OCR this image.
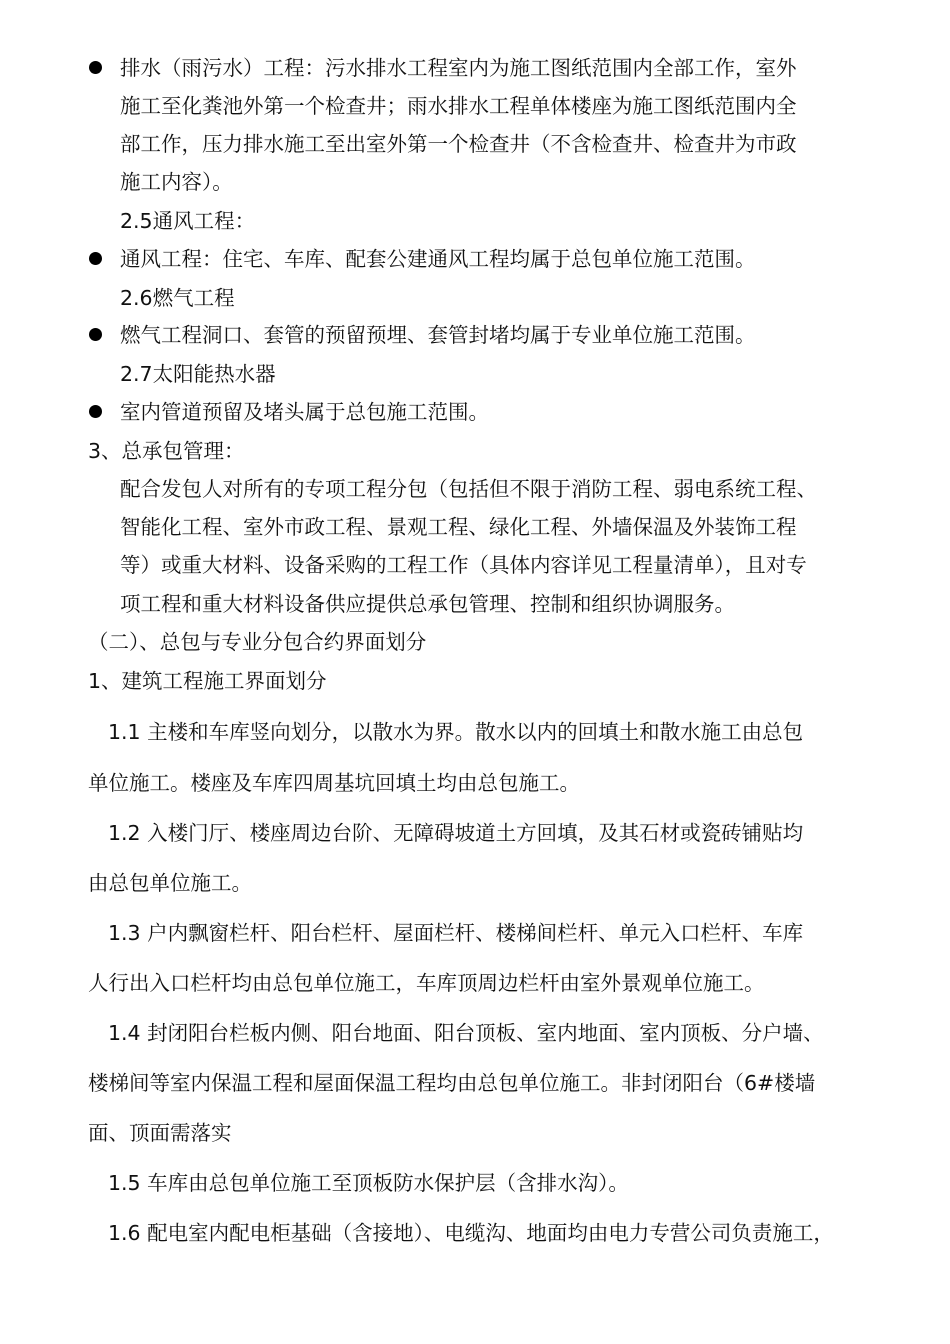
排水（雨污水）工程：污水排水工程室内为施工图纸范围内全部工作，室外
施工至化粪池外第一个检查井；雨水排水工程单体楼座为施工图纸范围内全
部工作，压力排水施工至出室外第一个检查井（不含检查井、检查井为市政
施工内容）。
2.5通风工程：
通风工程：住宅、车库、配套公建通风工程均属于总包单位施工范围。
2.6燃气工程
燃气工程洞口、套管的预留预埋、套管封堵均属于专业单位施工范围。
2.7太阳能热水器
室内管道预留及堵头属于总包施工范围。
3、总承包管理：
配合发包人对所有的专项工程分包（包括但不限于消防工程、弱电系统工程、
智能化工程、室外市政工程、景观工程、绿化工程、外墙保温及外装饰工程
等）或重大材料、设备采购的工程工作（具体内容详见工程量清单），且对专
项工程和重大材料设备供应提供总承包管理、控制和组织协调服务。
（二）、总包与专业分包合约界面划分
1、建筑工程施工界面划分
1.1 主楼和车库竖向划分，以散水为界。散水以内的回填土和散水施工由总包
单位施工。楼座及车库四周基坑回填土均由总包施工。
1.2 入楼门厅、楼座周边台阶、无障碍坡道土方回填，及其石材或瓷砖铺贴均
由总包单位施工。
1.3 户内飘窗栏杆、阳台栏杆、屋面栏杆、楼梯间栏杆、单元入口栏杆、车库
人行出入口栏杆均由总包单位施工，车库顶周边栏杆由室外景观单位施工。
1.4 封闭阳台栏板内侧、阳台地面、阳台顶板、室内地面、室内顶板、分户墙、
楼梯间等室内保温工程和屋面保温工程均由总包单位施工。非封闭阳台（6#楼墙
面、顶面需落实
1.5 车库由总包单位施工至顶板防水保护层（含排水沟）。
1.6 配电室内配电柜基础（含接地）、电缆沟、地面均由电力专营公司负责施工，
